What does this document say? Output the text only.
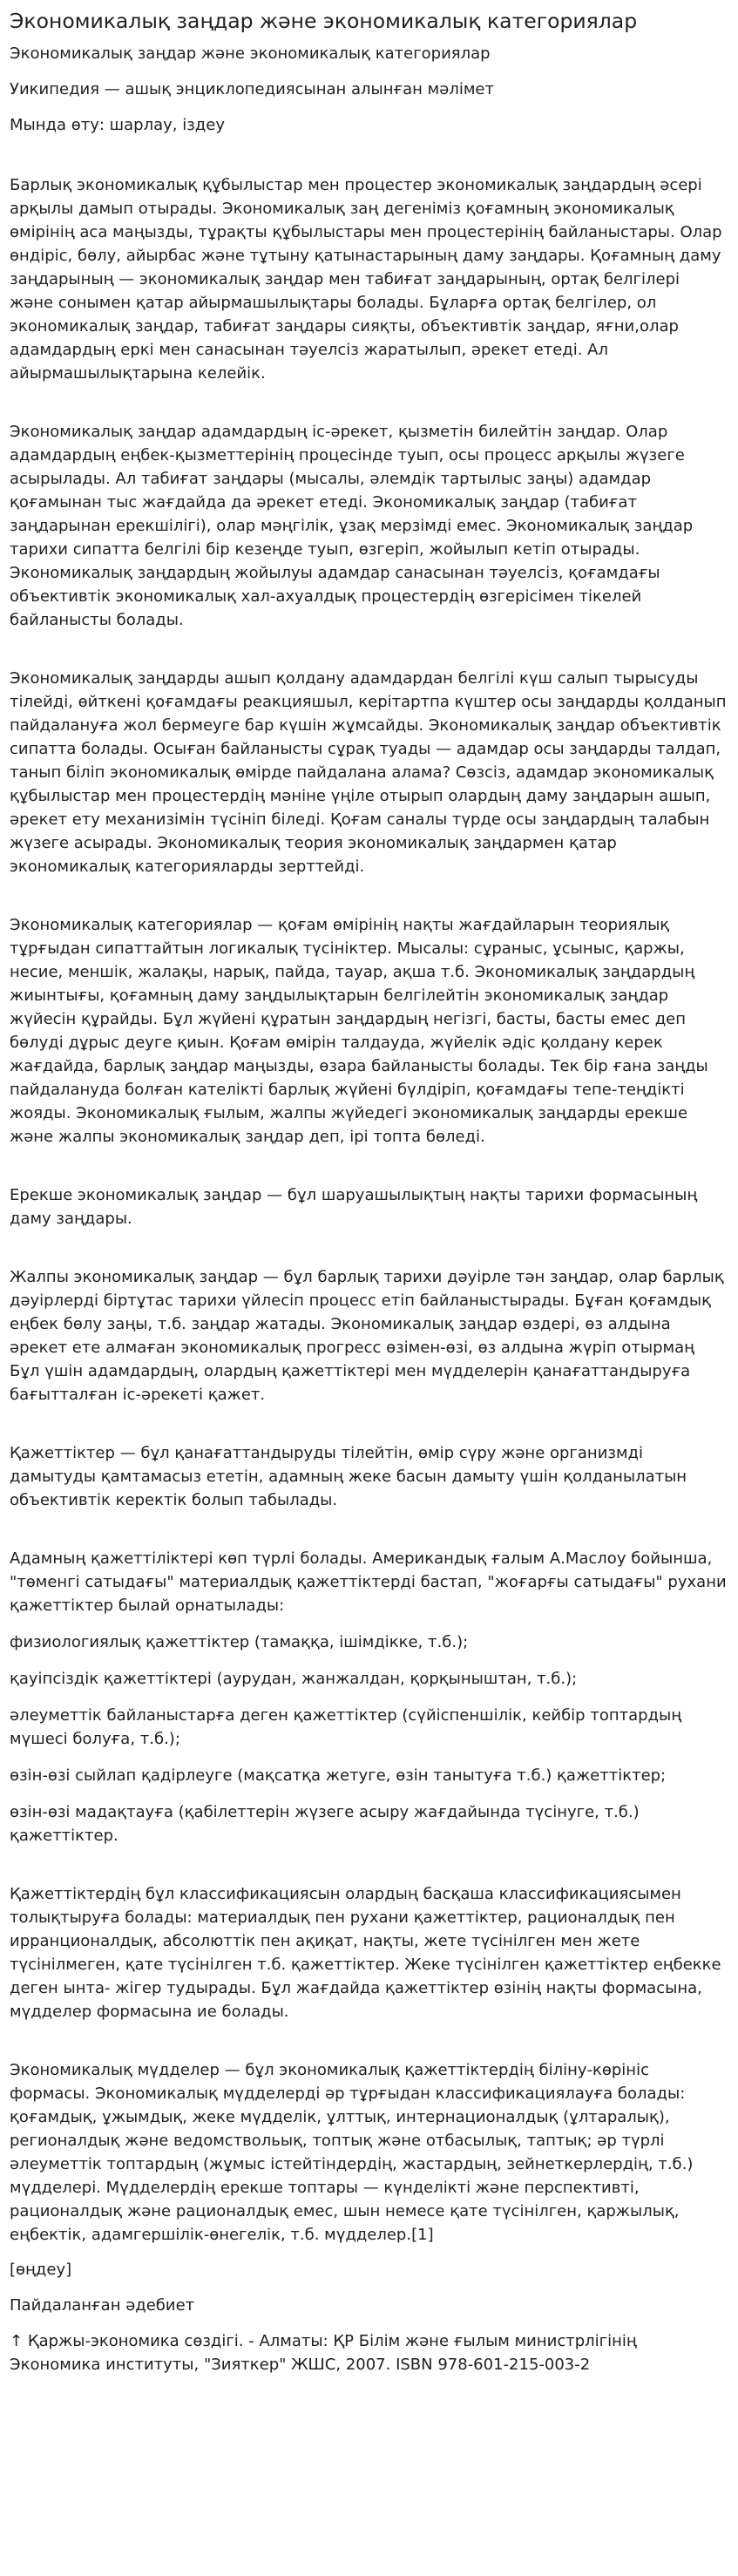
Экономикалық заңдар және экономикалық категориялар
Экономикалық заңдар және экономикалық категориялар
Уикипедия — ашық энциклопедиясынан алынған мәлімет
Мында өту: шарлау, іздеу

Барлық экономикалық құбылыстар мен процестер экономикалық заңдардың әсері арқылы дамып отырады. Экономикалық заң дегеніміз қоғамның экономикалық өмірінің аса маңызды, тұрақты құбылыстары мен процестерінің байланыстары. Олар өндіріс, бөлу, айырбас және тұтыну қатынастарының даму заңдары. Қоғамның даму заңдарының — экономикалық заңдар мен табиғат заңдарының, ортақ белгілері және сонымен қатар айырмашылықтары болады. Бұларға ортақ белгілер, ол экономикалық заңдар, табиғат заңдары сияқты, объективтік заңдар, яғни,олар адамдардың еркі мен санасынан тәуелсіз жаратылып, әрекет етеді. Ал айырмашылықтарына келейік.

Экономикалық заңдар адамдардың іс-әрекет, қызметін билейтін заңдар. Олар адамдардың еңбек-қызметтерінің процесінде туып, осы процесс арқылы жүзеге асырылады. Ал табиғат заңдары (мысалы, әлемдік тартылыс заңы) адамдар қоғамынан тыс жағдайда да әрекет етеді. Экономикалық заңдар (табиғат заңдарынан ерекшілігі), олар мәңгілік, ұзақ мерзімді емес. Экономикалық заңдар тарихи сипатта белгілі бір кезеңде туып, өзгеріп, жойылып кетіп отырады. Экономикалық заңдардың жойылуы адамдар санасынан тәуелсіз, қоғамдағы объективтік экономикалық хал-ахуалдық процестердің өзгерісімен тікелей байланысты болады.

Экономикалық заңдарды ашып қолдану адамдардан белгілі күш салып тырысуды тілейді, өйткені қоғамдағы реакцияшыл, керітартпа күштер осы заңдарды қолданып пайдалануға жол бермеуге бар күшін жұмсайды. Экономикалық заңдар объективтік сипатта болады. Осыған байланысты сұрақ туады — адамдар осы заңдарды талдап, танып біліп экономикалық өмірде пайдалана алама? Сөзсіз, адамдар экономикалық құбылыстар мен процестердің мәніне үңіле отырып олардың даму заңдарын ашып, әрекет ету механизімін түсініп біледі. Қоғам саналы түрде осы заңдардың талабын жүзеге асырады. Экономикалық теория экономикалық заңдармен қатар экономикалық категорияларды зерттейді.

Экономикалық категориялар — қоғам өмірінің нақты жағдайларын теориялық тұрғыдан сипаттайтын логикалық түсініктер. Мысалы: сұраныс, ұсыныс, қаржы, несие, меншік, жалақы, нарық, пайда, тауар, ақша т.б. Экономикалық заңдардың жиынтығы, қоғамның даму заңдылықтарын белгілейтін экономикалық заңдар жүйесін құрайды. Бұл жүйені құратын заңдардың негізгі, басты, басты емес деп бөлуді дұрыс деуге қиын. Қоғам өмірін талдауда, жүйелік әдіс қолдану керек жағдайда, барлық заңдар маңызды, өзара байланысты болады. Тек бір ғана заңды пайдалануда болған кателікті барлық жүйені бүлдіріп, қоғамдағы тепе-теңдікті жояды. Экономикалық ғылым, жалпы жүйедегі экономикалық заңдарды ерекше және жалпы экономикалық заңдар деп, ірі топта бөледі.

Ерекше экономикалық заңдар — бұл шаруашылықтың нақты тарихи формасының даму заңдары.

Жалпы экономикалық заңдар — бұл барлық тарихи дәуірле тән заңдар, олар барлық дәуірлерді біртұтас тарихи үйлесіп процесс етіп байланыстырады. Бұған қоғамдық еңбек бөлу заңы, т.б. заңдар жатады. Экономикалық заңдар өздері, өз алдына әрекет ете алмаған экономикалық прогресс өзімен-өзі, өз алдына жүріп отырмаң Бұл үшін адамдардың, олардың қажеттіктері мен мүдделерін қанағаттандыруға бағытталған іс-әрекеті қажет.

Қажеттіктер — бұл қанағаттандыруды тілейтін, өмір сүру және организмді дамытуды қамтамасыз ететін, адамның жеке басын дамыту үшін қолданылатын объективтік керектік болып табылады.

Адамның қажеттіліктері көп түрлі болады. Американдық ғалым А.Маслоу бойынша, "төменгі сатыдағы" материалдық қажеттіктерді бастап, "жоғарғы сатыдағы" рухани қажеттіктер былай орнатылады:

физиологиялық қажеттіктер (тамаққа, ішімдікке, т.б.);
қауіпсіздік қажеттіктері (аурудан, жанжалдан, қорқыныштан, т.б.);
әлеуметтік байланыстарға деген қажеттіктер (сүйіспеншілік, кейбір топтардың мүшесі болуға, т.б.);
өзін-өзі сыйлап қадірлеуге (мақсатқа жетуге, өзін танытуға т.б.) қажеттіктер;
өзін-өзі мадақтауға (қабілеттерін жүзеге асыру жағдайында түсінуге, т.б.) қажеттіктер.

Қажеттіктердің бұл классификациясын олардың басқаша классификациясымен толықтыруға болады: материалдық пен рухани қажеттіктер, рационалдық пен ирранционалдық, абсолюттік пен ақиқат, нақты, жете түсінілген мен жете түсінілмеген, қате түсінілген т.б. қажеттіктер. Жеке түсінілген қажеттіктер еңбекке деген ынта- жігер тудырады. Бұл жағдайда қажеттіктер өзінің нақты формасына, мүдделер формасына ие болады.

Экономикалық мүдделер — бұл экономикалық қажеттіктердің біліну-көрініс формасы. Экономикалық мүдделерді әр тұрғыдан классификациялауға болады: қоғамдық, ұжымдық, жеке мүдделік, ұлттық, интернационалдық (ұлтаралық), регионалдық және ведомствольық, топтық және отбасылық, таптық; әр түрлі әлеуметтік топтардың (жұмыс істейтіндердің, жастардың, зейнеткерлердің, т.б.) мүдделері. Мүдделердің ерекше топтары — күнделікті және перспективті, рационалдық және рационалдық емес, шын немесе қате түсінілген, қаржылық, еңбектік, адамгершілік-өнегелік, т.б. мүдделер.[1]

[өңдеу]
Пайдаланған әдебиет
↑ Қаржы-экономика сөздігі. - Алматы: ҚР Білім және ғылым министрлігінің Экономика институты, "Зияткер" ЖШС, 2007. ISBN 978-601-215-003-2
